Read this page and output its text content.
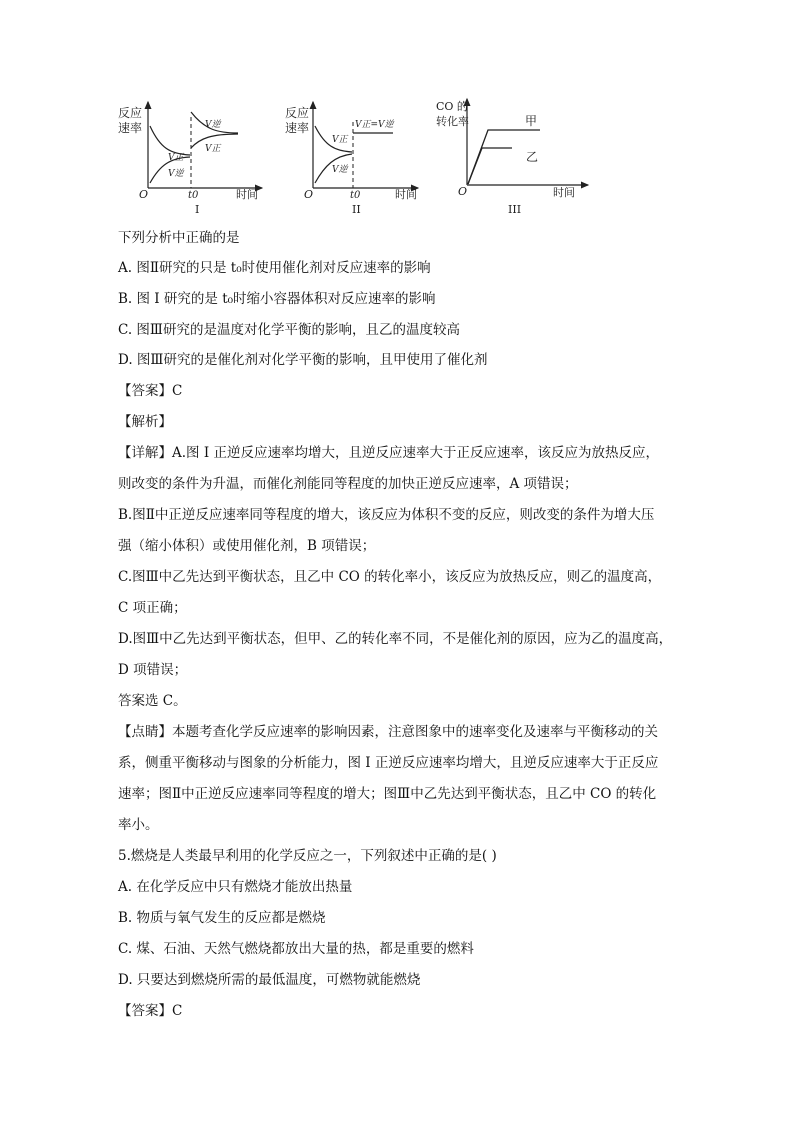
反应
速率
O	t0	时间
I
V逆
V正
V正
V逆
反应
速率
O	t0	时间
II
V正=V逆
V正
V逆
CO 的
转化率
O	时间
III
甲
乙
下列分析中正确的是
A. 图Ⅱ研究的只是 t₀时使用催化剂对反应速率的影响
B. 图 I 研究的是 t₀时缩小容器体积对反应速率的影响
C. 图Ⅲ研究的是温度对化学平衡的影响，且乙的温度较高
D. 图Ⅲ研究的是催化剂对化学平衡的影响，且甲使用了催化剂
【答案】C
【解析】
【详解】A.图 I 正逆反应速率均增大，且逆反应速率大于正反应速率，该反应为放热反应，
则改变的条件为升温，而催化剂能同等程度的加快正逆反应速率，A 项错误；
B.图Ⅱ中正逆反应速率同等程度的增大，该反应为体积不变的反应，则改变的条件为增大压
强（缩小体积）或使用催化剂，B 项错误；
C.图Ⅲ中乙先达到平衡状态，且乙中 CO 的转化率小，该反应为放热反应，则乙的温度高，
C 项正确；
D.图Ⅲ中乙先达到平衡状态，但甲、乙的转化率不同，不是催化剂的原因，应为乙的温度高，
D 项错误；
答案选 C。
【点睛】本题考查化学反应速率的影响因素，注意图象中的速率变化及速率与平衡移动的关
系，侧重平衡移动与图象的分析能力，图 I 正逆反应速率均增大，且逆反应速率大于正反应
速率；图Ⅱ中正逆反应速率同等程度的增大；图Ⅲ中乙先达到平衡状态，且乙中 CO 的转化
率小。
5.燃烧是人类最早利用的化学反应之一，下列叙述中正确的是( )
A. 在化学反应中只有燃烧才能放出热量
B. 物质与氧气发生的反应都是燃烧
C. 煤、石油、天然气燃烧都放出大量的热，都是重要的燃料
D. 只要达到燃烧所需的最低温度，可燃物就能燃烧
【答案】C
